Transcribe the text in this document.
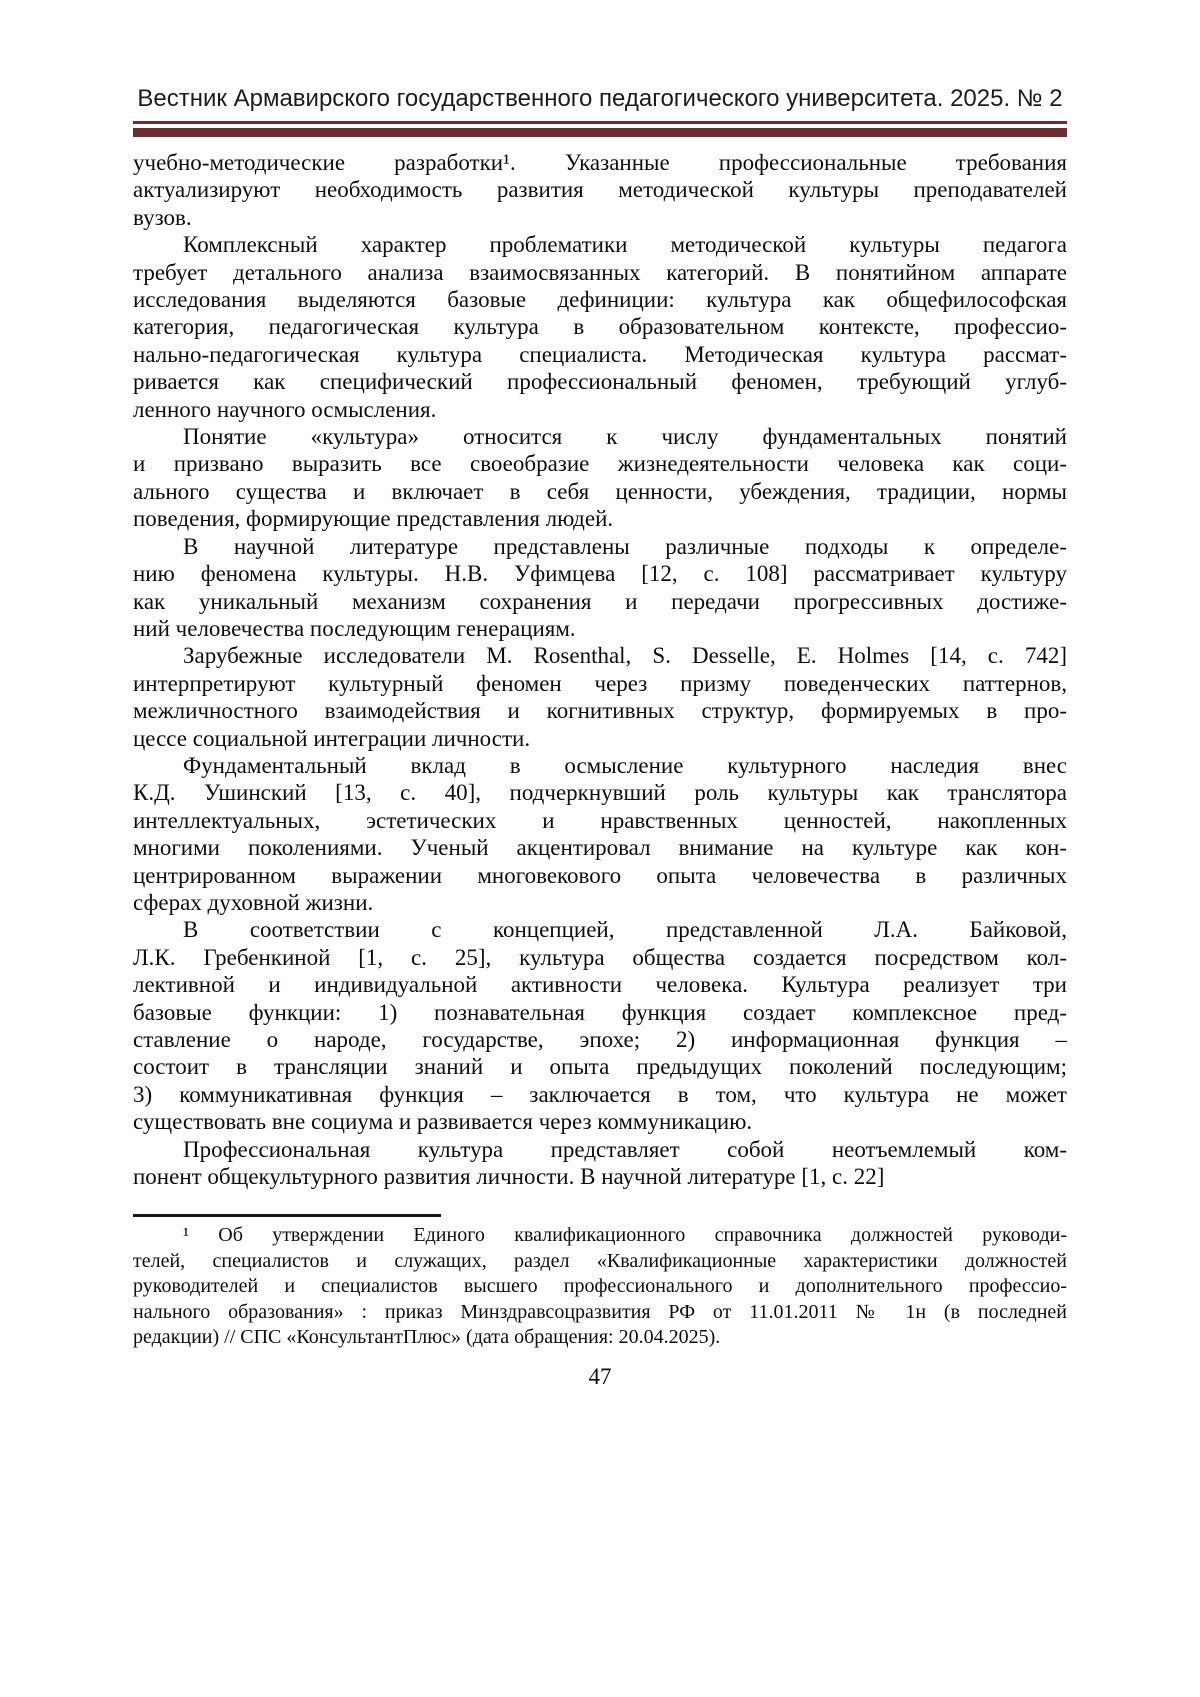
Вестник Армавирского государственного педагогического университета. 2025. № 2
учебно-методические разработки¹. Указанные профессиональные требования
актуализируют необходимость развития методической культуры преподавателей
вузов.
Комплексный характер проблематики методической культуры педагога
требует детального анализа взаимосвязанных категорий. В понятийном аппарате
исследования выделяются базовые дефиниции: культура как общефилософская
категория, педагогическая культура в образовательном контексте, профессио-
нально-педагогическая культура специалиста. Методическая культура рассмат-
ривается как специфический профессиональный феномен, требующий углуб-
ленного научного осмысления.
Понятие «культура» относится к числу фундаментальных понятий
и призвано выразить все своеобразие жизнедеятельности человека как соци-
ального существа и включает в себя ценности, убеждения, традиции, нормы
поведения, формирующие представления людей.
В научной литературе представлены различные подходы к определе-
нию феномена культуры. Н.В. Уфимцева [12, с. 108] рассматривает культуру
как уникальный механизм сохранения и передачи прогрессивных достиже-
ний человечества последующим генерациям.
Зарубежные исследователи M. Rosenthal, S. Desselle, E. Holmes [14, с. 742]
интерпретируют культурный феномен через призму поведенческих паттернов,
межличностного взаимодействия и когнитивных структур, формируемых в про-
цессе социальной интеграции личности.
Фундаментальный вклад в осмысление культурного наследия внес
К.Д. Ушинский [13, с. 40], подчеркнувший роль культуры как транслятора
интеллектуальных, эстетических и нравственных ценностей, накопленных
многими поколениями. Ученый акцентировал внимание на культуре как кон-
центрированном выражении многовекового опыта человечества в различных
сферах духовной жизни.
В соответствии с концепцией, представленной Л.А. Байковой,
Л.К. Гребенкиной [1, с. 25], культура общества создается посредством кол-
лективной и индивидуальной активности человека. Культура реализует три
базовые функции: 1) познавательная функция создает комплексное пред-
ставление о народе, государстве, эпохе; 2) информационная функция –
состоит в трансляции знаний и опыта предыдущих поколений последующим;
3) коммуникативная функция – заключается в том, что культура не может
существовать вне социума и развивается через коммуникацию.
Профессиональная культура представляет собой неотъемлемый ком-
понент общекультурного развития личности. В научной литературе [1, с. 22]
¹ Об утверждении Единого квалификационного справочника должностей руководи-
телей, специалистов и служащих, раздел «Квалификационные характеристики должностей
руководителей и специалистов высшего профессионального и дополнительного профессио-
нального образования» : приказ Минздравсоцразвития РФ от 11.01.2011 № 1н (в последней
редакции) // СПС «КонсультантПлюс» (дата обращения: 20.04.2025).
47
